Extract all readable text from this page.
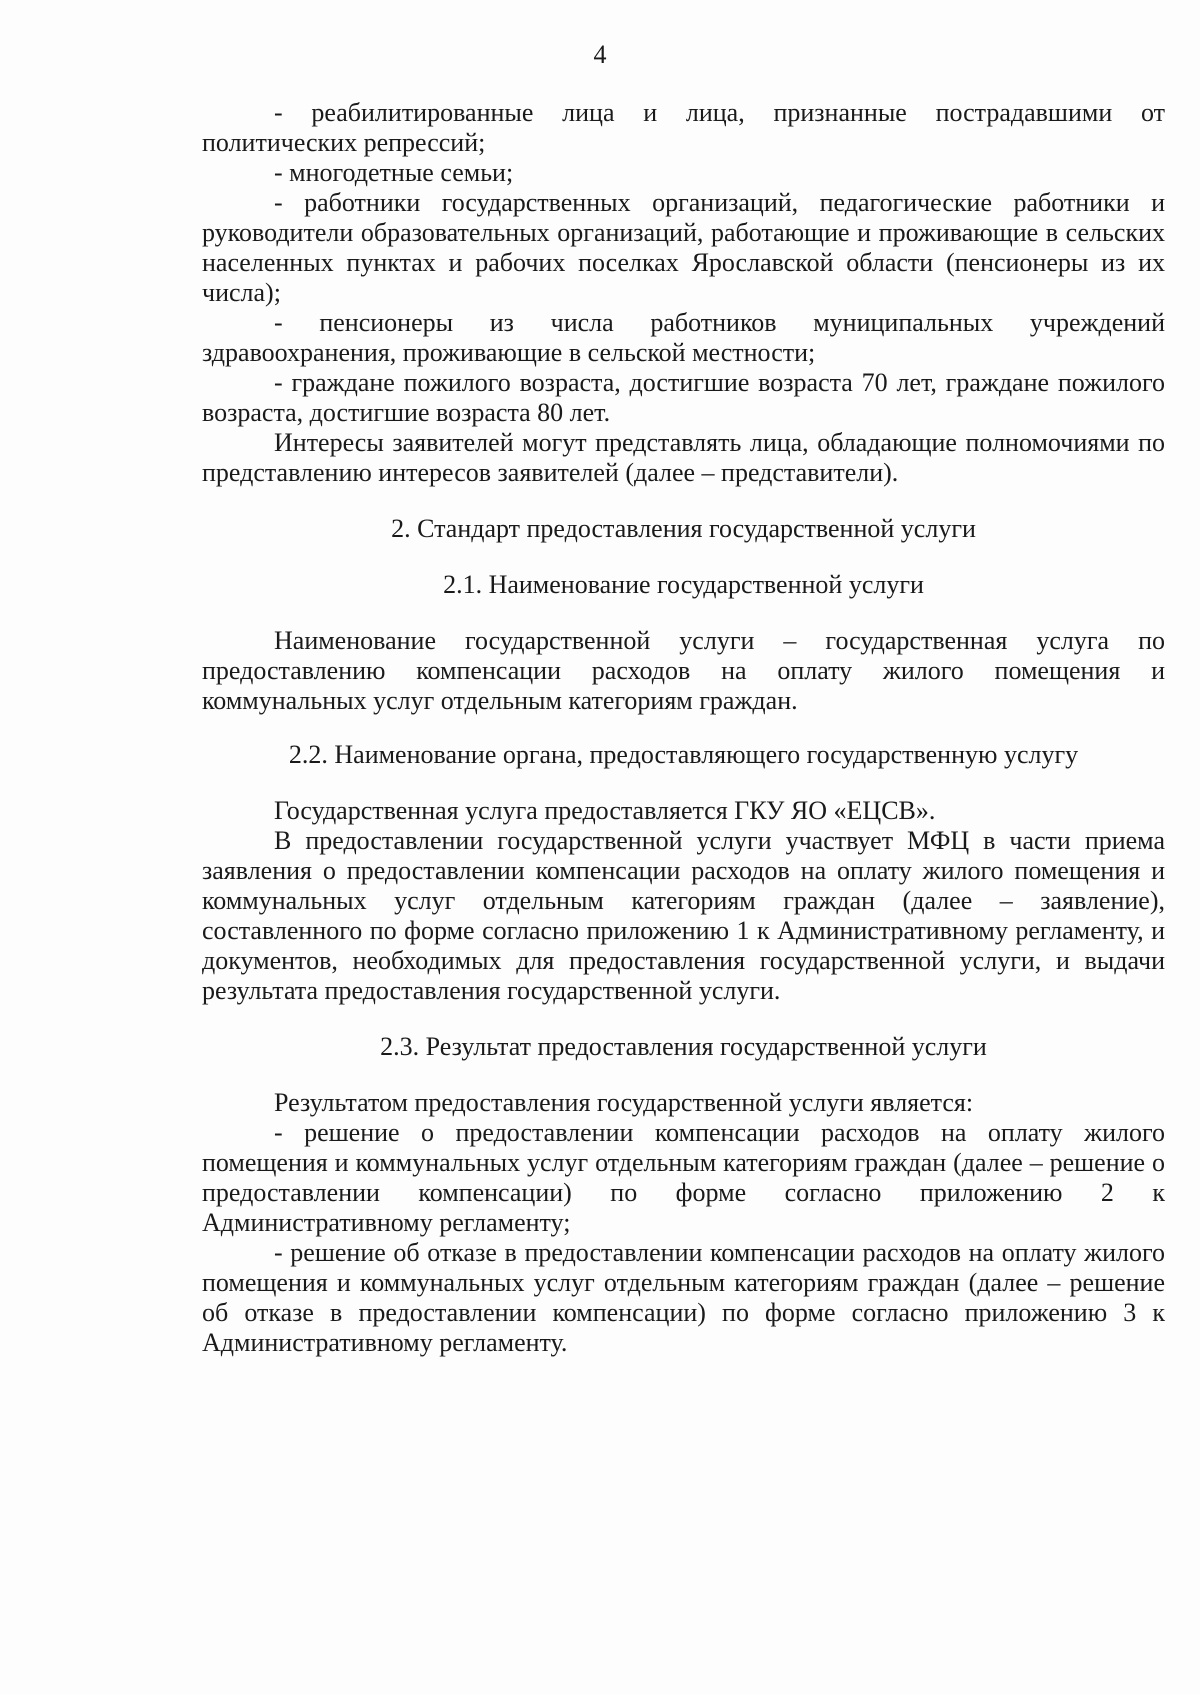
4

- реабилитированные лица и лица, признанные пострадавшими от политических репрессий;

- многодетные семьи;

- работники государственных организаций, педагогические работники и руководители образовательных организаций, работающие и проживающие в сельских населенных пунктах и рабочих поселках Ярославской области (пенсионеры из их числа);

- пенсионеры из числа работников муниципальных учреждений здравоохранения, проживающие в сельской местности;

- граждане пожилого возраста, достигшие возраста 70 лет, граждане пожилого возраста, достигшие возраста 80 лет.

Интересы заявителей могут представлять лица, обладающие полномочиями по представлению интересов заявителей (далее – представители).

2. Стандарт предоставления государственной услуги

2.1. Наименование государственной услуги

Наименование государственной услуги – государственная услуга по предоставлению компенсации расходов на оплату жилого помещения и коммунальных услуг отдельным категориям граждан.

2.2. Наименование органа, предоставляющего государственную услугу

Государственная услуга предоставляется ГКУ ЯО «ЕЦСВ».

В предоставлении государственной услуги участвует МФЦ в части приема заявления о предоставлении компенсации расходов на оплату жилого помещения и коммунальных услуг отдельным категориям граждан (далее – заявление), составленного по форме согласно приложению 1 к Административному регламенту, и документов, необходимых для предоставления государственной услуги, и выдачи результата предоставления государственной услуги.

2.3. Результат предоставления государственной услуги

Результатом предоставления государственной услуги является:

- решение о предоставлении компенсации расходов на оплату жилого помещения и коммунальных услуг отдельным категориям граждан (далее – решение о предоставлении компенсации) по форме согласно приложению 2 к Административному регламенту;

- решение об отказе в предоставлении компенсации расходов на оплату жилого помещения и коммунальных услуг отдельным категориям граждан (далее – решение об отказе в предоставлении компенсации) по форме согласно приложению 3 к Административному регламенту.
